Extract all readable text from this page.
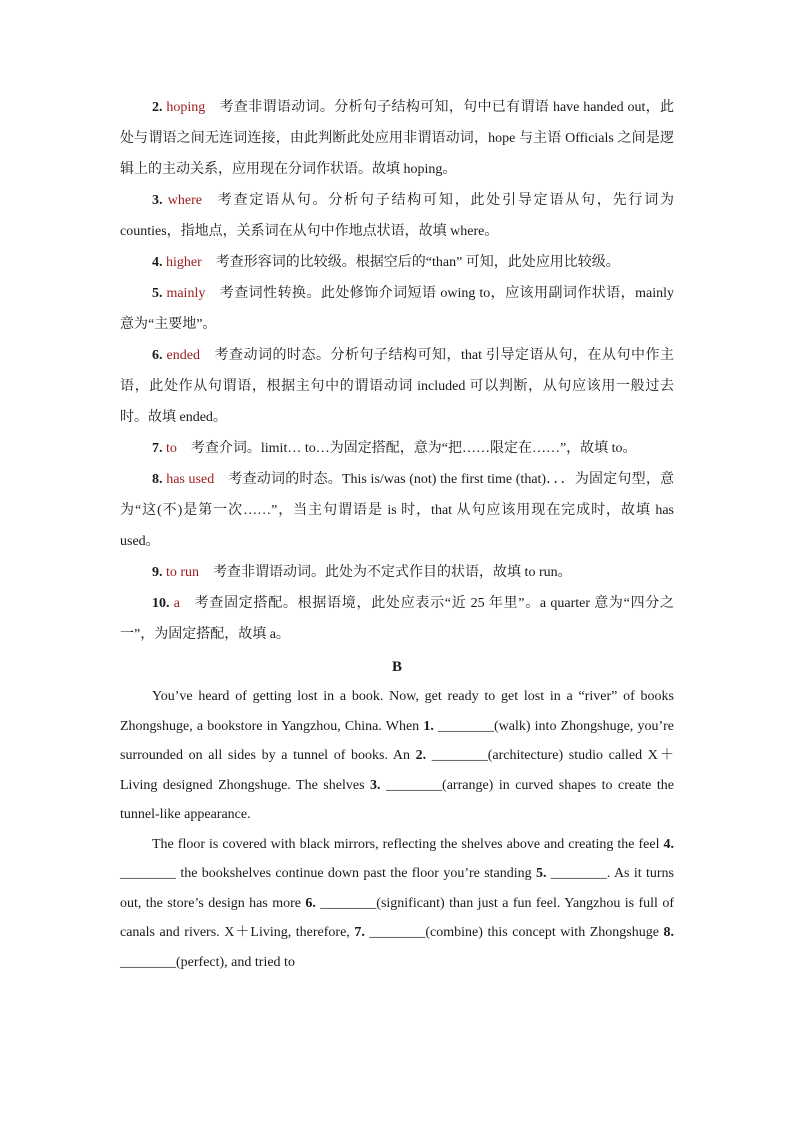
2. hoping 考查非谓语动词。分析句子结构可知，句中已有谓语 have handed out，此处与谓语之间无连词连接，由此判断此处应用非谓语动词，hope 与主语 Officials 之间是逻辑上的主动关系，应用现在分词作状语。故填 hoping。

3. where 考查定语从句。分析句子结构可知，此处引导定语从句，先行词为 counties，指地点，关系词在从句中作地点状语，故填 where。

4. higher 考查形容词的比较级。根据空后的“than” 可知，此处应用比较级。

5. mainly 考查词性转换。此处修饰介词短语 owing to，应该用副词作状语，mainly 意为“主要地”。

6. ended 考查动词的时态。分析句子结构可知，that 引导定语从句，在从句中作主语，此处作从句谓语，根据主句中的谓语动词 included 可以判断，从句应该用一般过去时。故填 ended。

7. to 考查介词。limit… to…为固定搭配，意为“把……限定在……”，故填 to。

8. has used 考查动词的时态。This is/was (not) the first time (that)．．．为固定句型，意为“这(不)是第一次……”，当主句谓语是 is 时，that 从句应该用现在完成时，故填 has used。

9. to run 考查非谓语动词。此处为不定式作目的状语，故填 to run。

10. a 考查固定搭配。根据语境，此处应表示“近 25 年里”。a quarter 意为“四分之一”，为固定搭配，故填 a。

B

You’ve heard of getting lost in a book. Now, get ready to get lost in a “river” of books Zhongshuge, a bookstore in Yangzhou, China. When 1. ________(walk) into Zhongshuge, you’re surrounded on all sides by a tunnel of books. An 2. ________(architecture) studio called X＋Living designed Zhongshuge. The shelves 3. ________(arrange) in curved shapes to create the tunnel-like appearance.

The floor is covered with black mirrors, reflecting the shelves above and creating the feel 4. ________ the bookshelves continue down past the floor you’re standing 5. ________. As it turns out, the store’s design has more 6. ________(significant) than just a fun feel. Yangzhou is full of canals and rivers. X＋Living, therefore, 7. ________(combine) this concept with Zhongshuge 8. ________(perfect), and tried to
